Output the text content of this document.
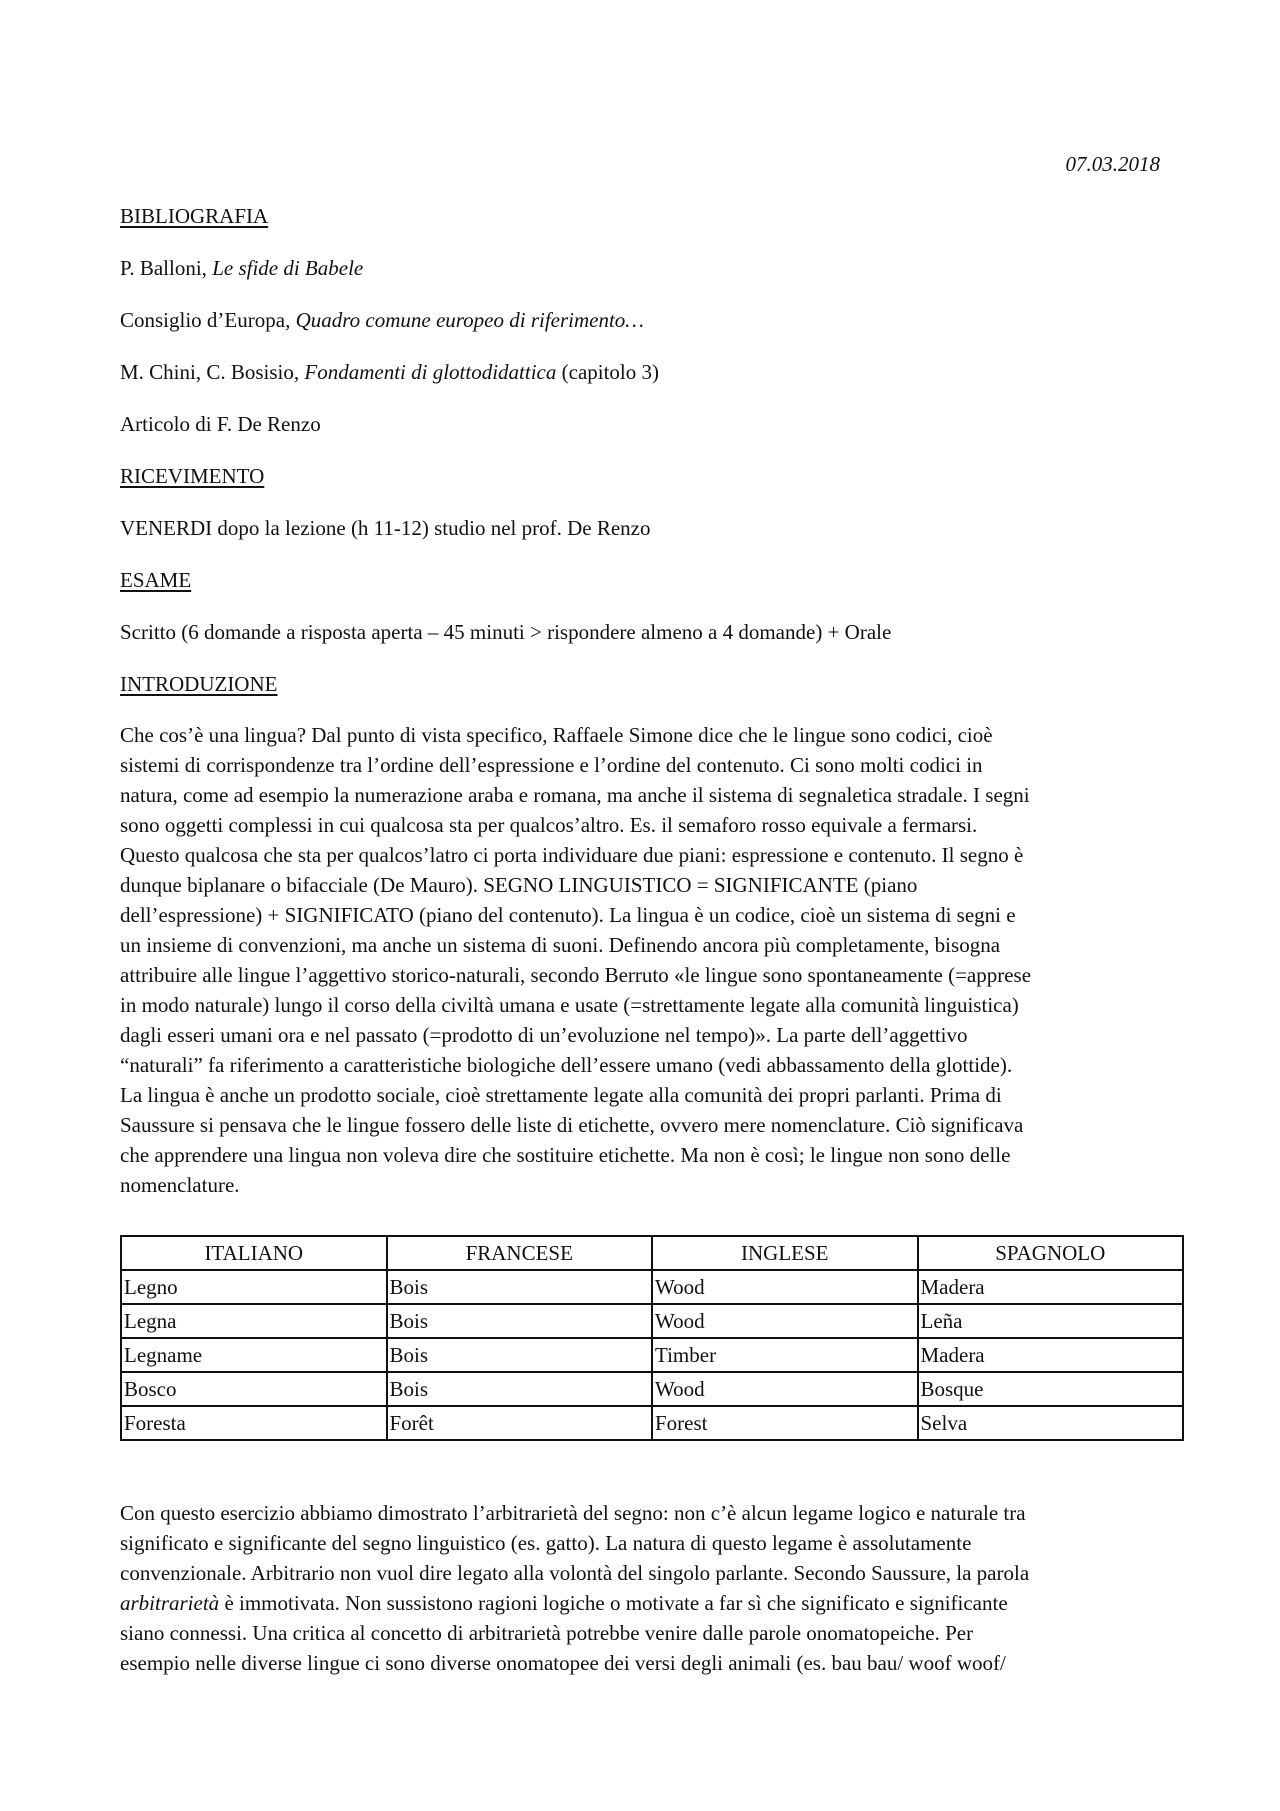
07.03.2018
BIBLIOGRAFIA
P. Balloni, Le sfide di Babele
Consiglio d’Europa, Quadro comune europeo di riferimento…
M. Chini, C. Bosisio, Fondamenti di glottodidattica (capitolo 3)
Articolo di F. De Renzo
RICEVIMENTO
VENERDI dopo la lezione (h 11-12) studio nel prof. De Renzo
ESAME
Scritto (6 domande a risposta aperta – 45 minuti > rispondere almeno a 4 domande) + Orale
INTRODUZIONE
Che cos’è una lingua? Dal punto di vista specifico, Raffaele Simone dice che le lingue sono codici, cioè
sistemi di corrispondenze tra l’ordine dell’espressione e l’ordine del contenuto. Ci sono molti codici in
natura, come ad esempio la numerazione araba e romana, ma anche il sistema di segnaletica stradale. I segni
sono oggetti complessi in cui qualcosa sta per qualcos’altro. Es. il semaforo rosso equivale a fermarsi.
Questo qualcosa che sta per qualcos’latro ci porta individuare due piani: espressione e contenuto. Il segno è
dunque biplanare o bifacciale (De Mauro). SEGNO LINGUISTICO = SIGNIFICANTE (piano
dell’espressione) + SIGNIFICATO (piano del contenuto). La lingua è un codice, cioè un sistema di segni e
un insieme di convenzioni, ma anche un sistema di suoni. Definendo ancora più completamente, bisogna
attribuire alle lingue l’aggettivo storico-naturali, secondo Berruto «le lingue sono spontaneamente (=apprese
in modo naturale) lungo il corso della civiltà umana e usate (=strettamente legate alla comunità linguistica)
dagli esseri umani ora e nel passato (=prodotto di un’evoluzione nel tempo)». La parte dell’aggettivo
“naturali” fa riferimento a caratteristiche biologiche dell’essere umano (vedi abbassamento della glottide).
La lingua è anche un prodotto sociale, cioè strettamente legate alla comunità dei propri parlanti. Prima di
Saussure si pensava che le lingue fossero delle liste di etichette, ovvero mere nomenclature. Ciò significava
che apprendere una lingua non voleva dire che sostituire etichette. Ma non è così; le lingue non sono delle
nomenclature.
ITALIANO	FRANCESE	INGLESE	SPAGNOLO
Legno	Bois	Wood	Madera
Legna	Bois	Wood	Leña
Legname	Bois	Timber	Madera
Bosco	Bois	Wood	Bosque
Foresta	Forêt	Forest	Selva
Con questo esercizio abbiamo dimostrato l’arbitrarietà del segno: non c’è alcun legame logico e naturale tra
significato e significante del segno linguistico (es. gatto). La natura di questo legame è assolutamente
convenzionale. Arbitrario non vuol dire legato alla volontà del singolo parlante. Secondo Saussure, la parola
arbitrarietà è immotivata. Non sussistono ragioni logiche o motivate a far sì che significato e significante
siano connessi. Una critica al concetto di arbitrarietà potrebbe venire dalle parole onomatopeiche. Per
esempio nelle diverse lingue ci sono diverse onomatopee dei versi degli animali (es. bau bau/ woof woof/
